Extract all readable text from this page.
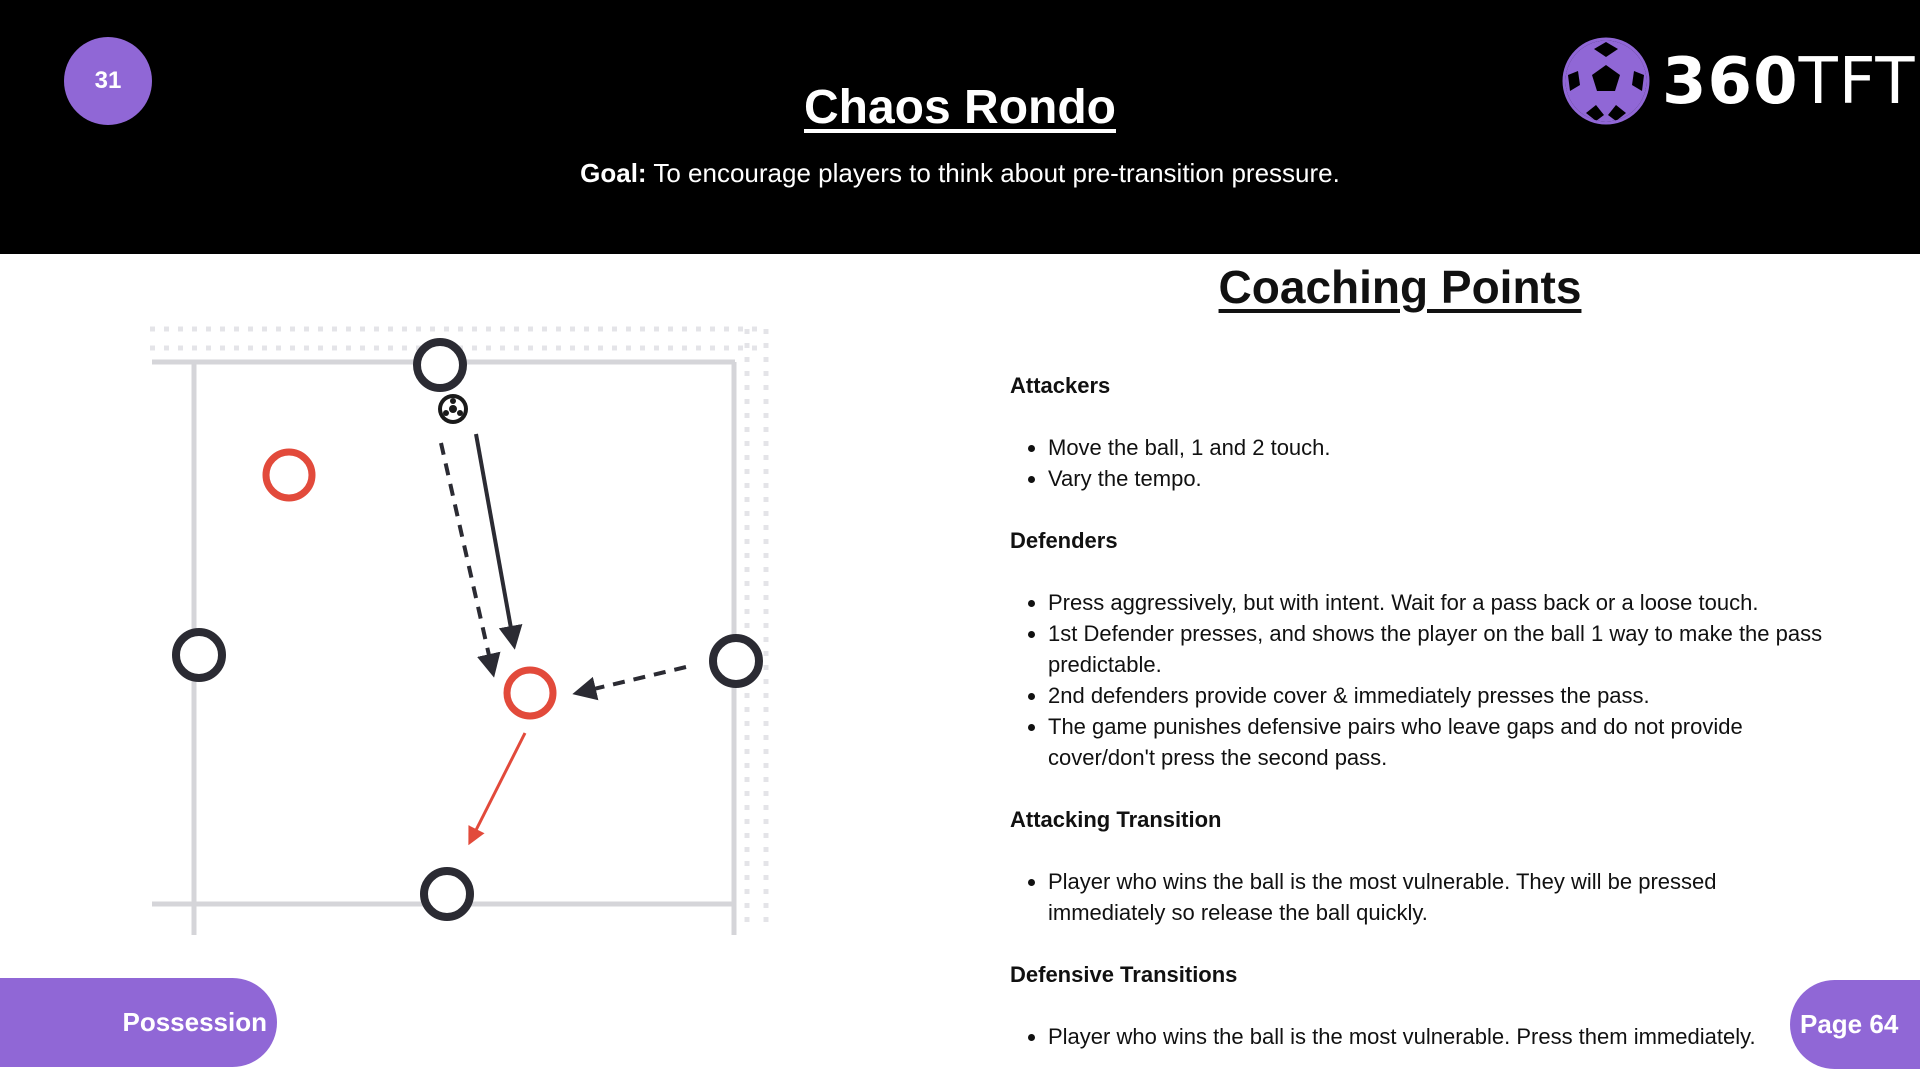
31
Chaos Rondo
Goal: To encourage players to think about pre-transition pressure.
360TFT
Coaching Points
Attackers
• Move the ball, 1 and 2 touch.
• Vary the tempo.
Defenders
• Press aggressively, but with intent. Wait for a pass back or a loose touch.
• 1st Defender presses, and shows the player on the ball 1 way to make the pass predictable.
• 2nd defenders provide cover & immediately presses the pass.
• The game punishes defensive pairs who leave gaps and do not provide cover/don't press the second pass.
Attacking Transition
• Player who wins the ball is the most vulnerable. They will be pressed immediately so release the ball quickly.
Defensive Transitions
• Player who wins the ball is the most vulnerable. Press them immediately.
Possession	Page 64
